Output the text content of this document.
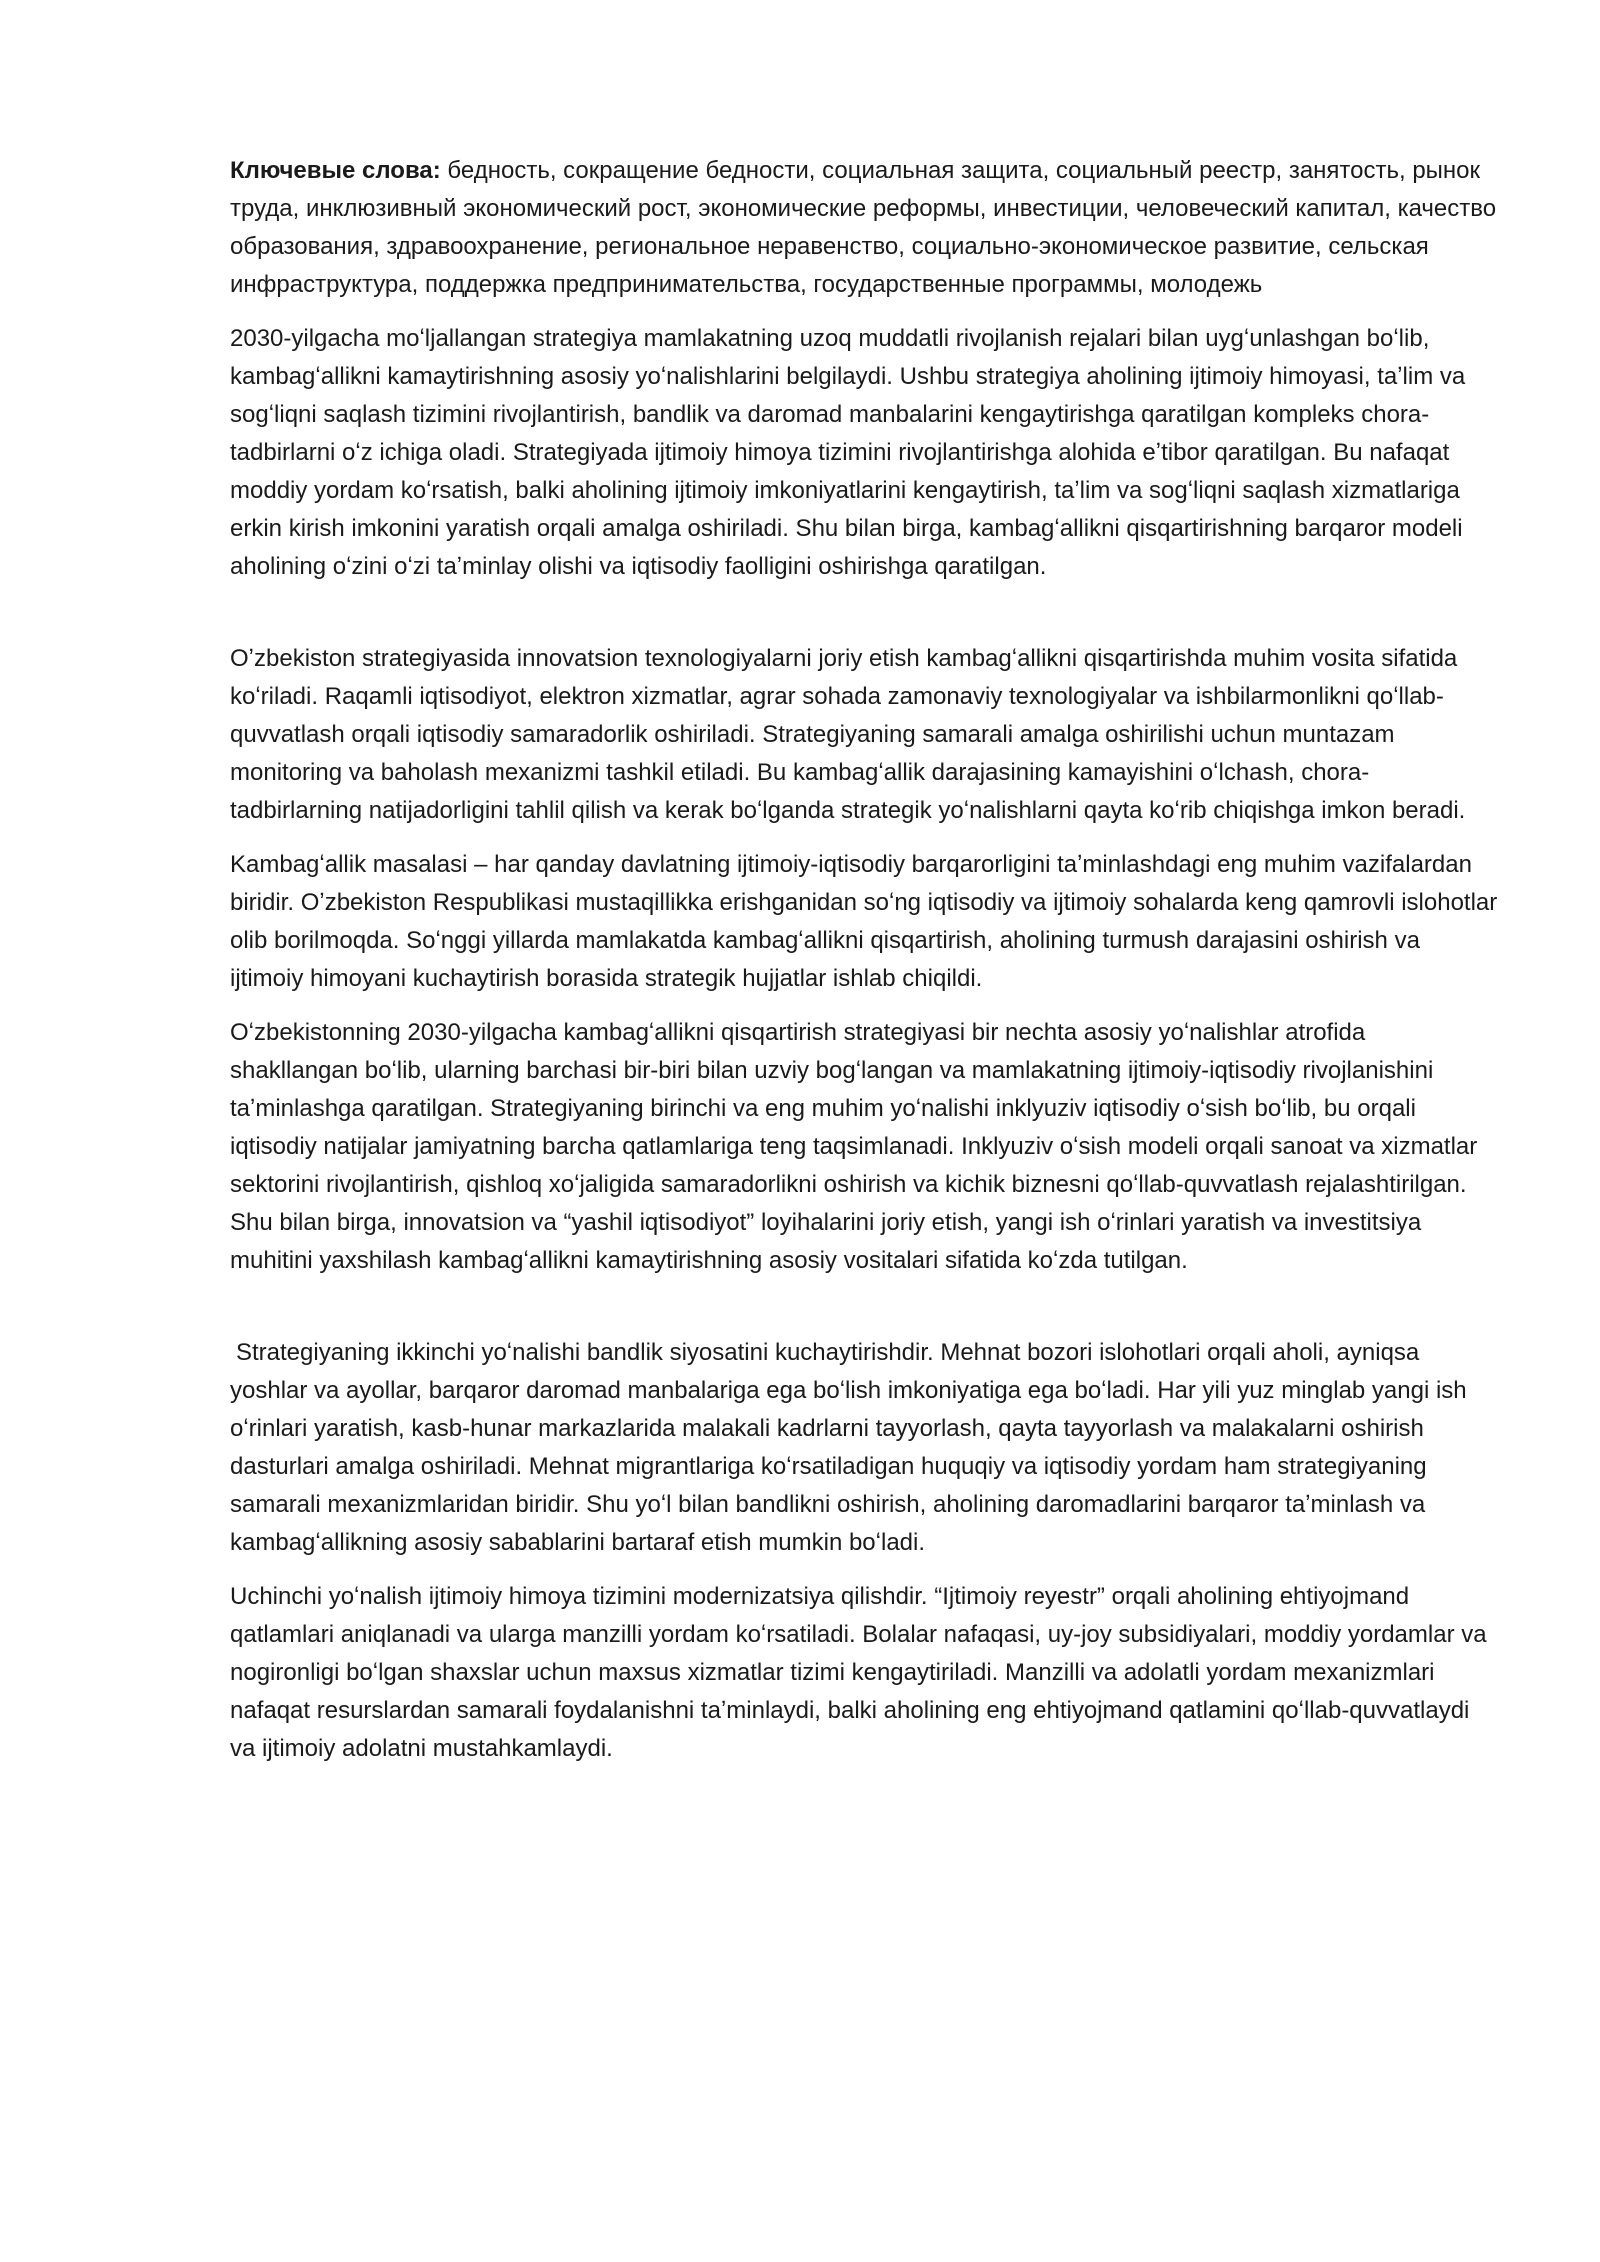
Ключевые слова: бедность, сокращение бедности, социальная защита, социальный реестр, занятость, рынок труда, инклюзивный экономический рост, экономические реформы, инвестиции, человеческий капитал, качество образования, здравоохранение, региональное неравенство, социально-экономическое развитие, сельская инфраструктура, поддержка предпринимательства, государственные программы, молодежь

2030-yilgacha moʻljallangan strategiya mamlakatning uzoq muddatli rivojlanish rejalari bilan uygʻunlashgan boʻlib, kambagʻallikni kamaytirishning asosiy yoʻnalishlarini belgilaydi. Ushbu strategiya aholining ijtimoiy himoyasi, taʼlim va sogʻliqni saqlash tizimini rivojlantirish, bandlik va daromad manbalarini kengaytirishga qaratilgan kompleks chora-tadbirlarni oʻz ichiga oladi. Strategiyada ijtimoiy himoya tizimini rivojlantirishga alohida eʼtibor qaratilgan. Bu nafaqat moddiy yordam koʻrsatish, balki aholining ijtimoiy imkoniyatlarini kengaytirish, taʼlim va sogʻliqni saqlash xizmatlariga erkin kirish imkonini yaratish orqali amalga oshiriladi. Shu bilan birga, kambagʻallikni qisqartirishning barqaror modeli aholining oʻzini oʻzi taʼminlay olishi va iqtisodiy faolligini oshirishga qaratilgan.

Oʼzbekiston strategiyasida innovatsion texnologiyalarni joriy etish kambagʻallikni qisqartirishda muhim vosita sifatida koʻriladi. Raqamli iqtisodiyot, elektron xizmatlar, agrar sohada zamonaviy texnologiyalar va ishbilarmonlikni qoʻllab-quvvatlash orqali iqtisodiy samaradorlik oshiriladi. Strategiyaning samarali amalga oshirilishi uchun muntazam monitoring va baholash mexanizmi tashkil etiladi. Bu kambagʻallik darajasining kamayishini oʻlchash, chora-tadbirlarning natijadorligini tahlil qilish va kerak boʻlganda strategik yoʻnalishlarni qayta koʻrib chiqishga imkon beradi.

Kambagʻallik masalasi – har qanday davlatning ijtimoiy-iqtisodiy barqarorligini taʼminlashdagi eng muhim vazifalardan biridir. Oʼzbekiston Respublikasi mustaqillikka erishganidan soʻng iqtisodiy va ijtimoiy sohalarda keng qamrovli islohotlar olib borilmoqda. Soʻnggi yillarda mamlakatda kambagʻallikni qisqartirish, aholining turmush darajasini oshirish va ijtimoiy himoyani kuchaytirish borasida strategik hujjatlar ishlab chiqildi.

Oʻzbekistonning 2030-yilgacha kambagʻallikni qisqartirish strategiyasi bir nechta asosiy yoʻnalishlar atrofida shakllangan boʻlib, ularning barchasi bir-biri bilan uzviy bogʻlangan va mamlakatning ijtimoiy-iqtisodiy rivojlanishini taʼminlashga qaratilgan. Strategiyaning birinchi va eng muhim yoʻnalishi inklyuziv iqtisodiy oʻsish boʻlib, bu orqali iqtisodiy natijalar jamiyatning barcha qatlamlariga teng taqsimlanadi. Inklyuziv oʻsish modeli orqali sanoat va xizmatlar sektorini rivojlantirish, qishloq xoʻjaligida samaradorlikni oshirish va kichik biznesni qoʻllab-quvvatlash rejalashtirilgan. Shu bilan birga, innovatsion va “yashil iqtisodiyot” loyihalarini joriy etish, yangi ish oʻrinlari yaratish va investitsiya muhitini yaxshilash kambagʻallikni kamaytirishning asosiy vositalari sifatida koʻzda tutilgan.

Strategiyaning ikkinchi yoʻnalishi bandlik siyosatini kuchaytirishdir. Mehnat bozori islohotlari orqali aholi, ayniqsa yoshlar va ayollar, barqaror daromad manbalariga ega boʻlish imkoniyatiga ega boʻladi. Har yili yuz minglab yangi ish oʻrinlari yaratish, kasb-hunar markazlarida malakali kadrlarni tayyorlash, qayta tayyorlash va malakalarni oshirish dasturlari amalga oshiriladi. Mehnat migrantlariga koʻrsatiladigan huquqiy va iqtisodiy yordam ham strategiyaning samarali mexanizmlaridan biridir. Shu yoʻl bilan bandlikni oshirish, aholining daromadlarini barqaror taʼminlash va kambagʻallikning asosiy sabablarini bartaraf etish mumkin boʻladi.

Uchinchi yoʻnalish ijtimoiy himoya tizimini modernizatsiya qilishdir. “Ijtimoiy reyestr” orqali aholining ehtiyojmand qatlamlari aniqlanadi va ularga manzilli yordam koʻrsatiladi. Bolalar nafaqasi, uy-joy subsidiyalari, moddiy yordamlar va nogironligi boʻlgan shaxslar uchun maxsus xizmatlar tizimi kengaytiriladi. Manzilli va adolatli yordam mexanizmlari nafaqat resurslardan samarali foydalanishni taʼminlaydi, balki aholining eng ehtiyojmand qatlamini qoʻllab-quvvatlaydi va ijtimoiy adolatni mustahkamlaydi.
